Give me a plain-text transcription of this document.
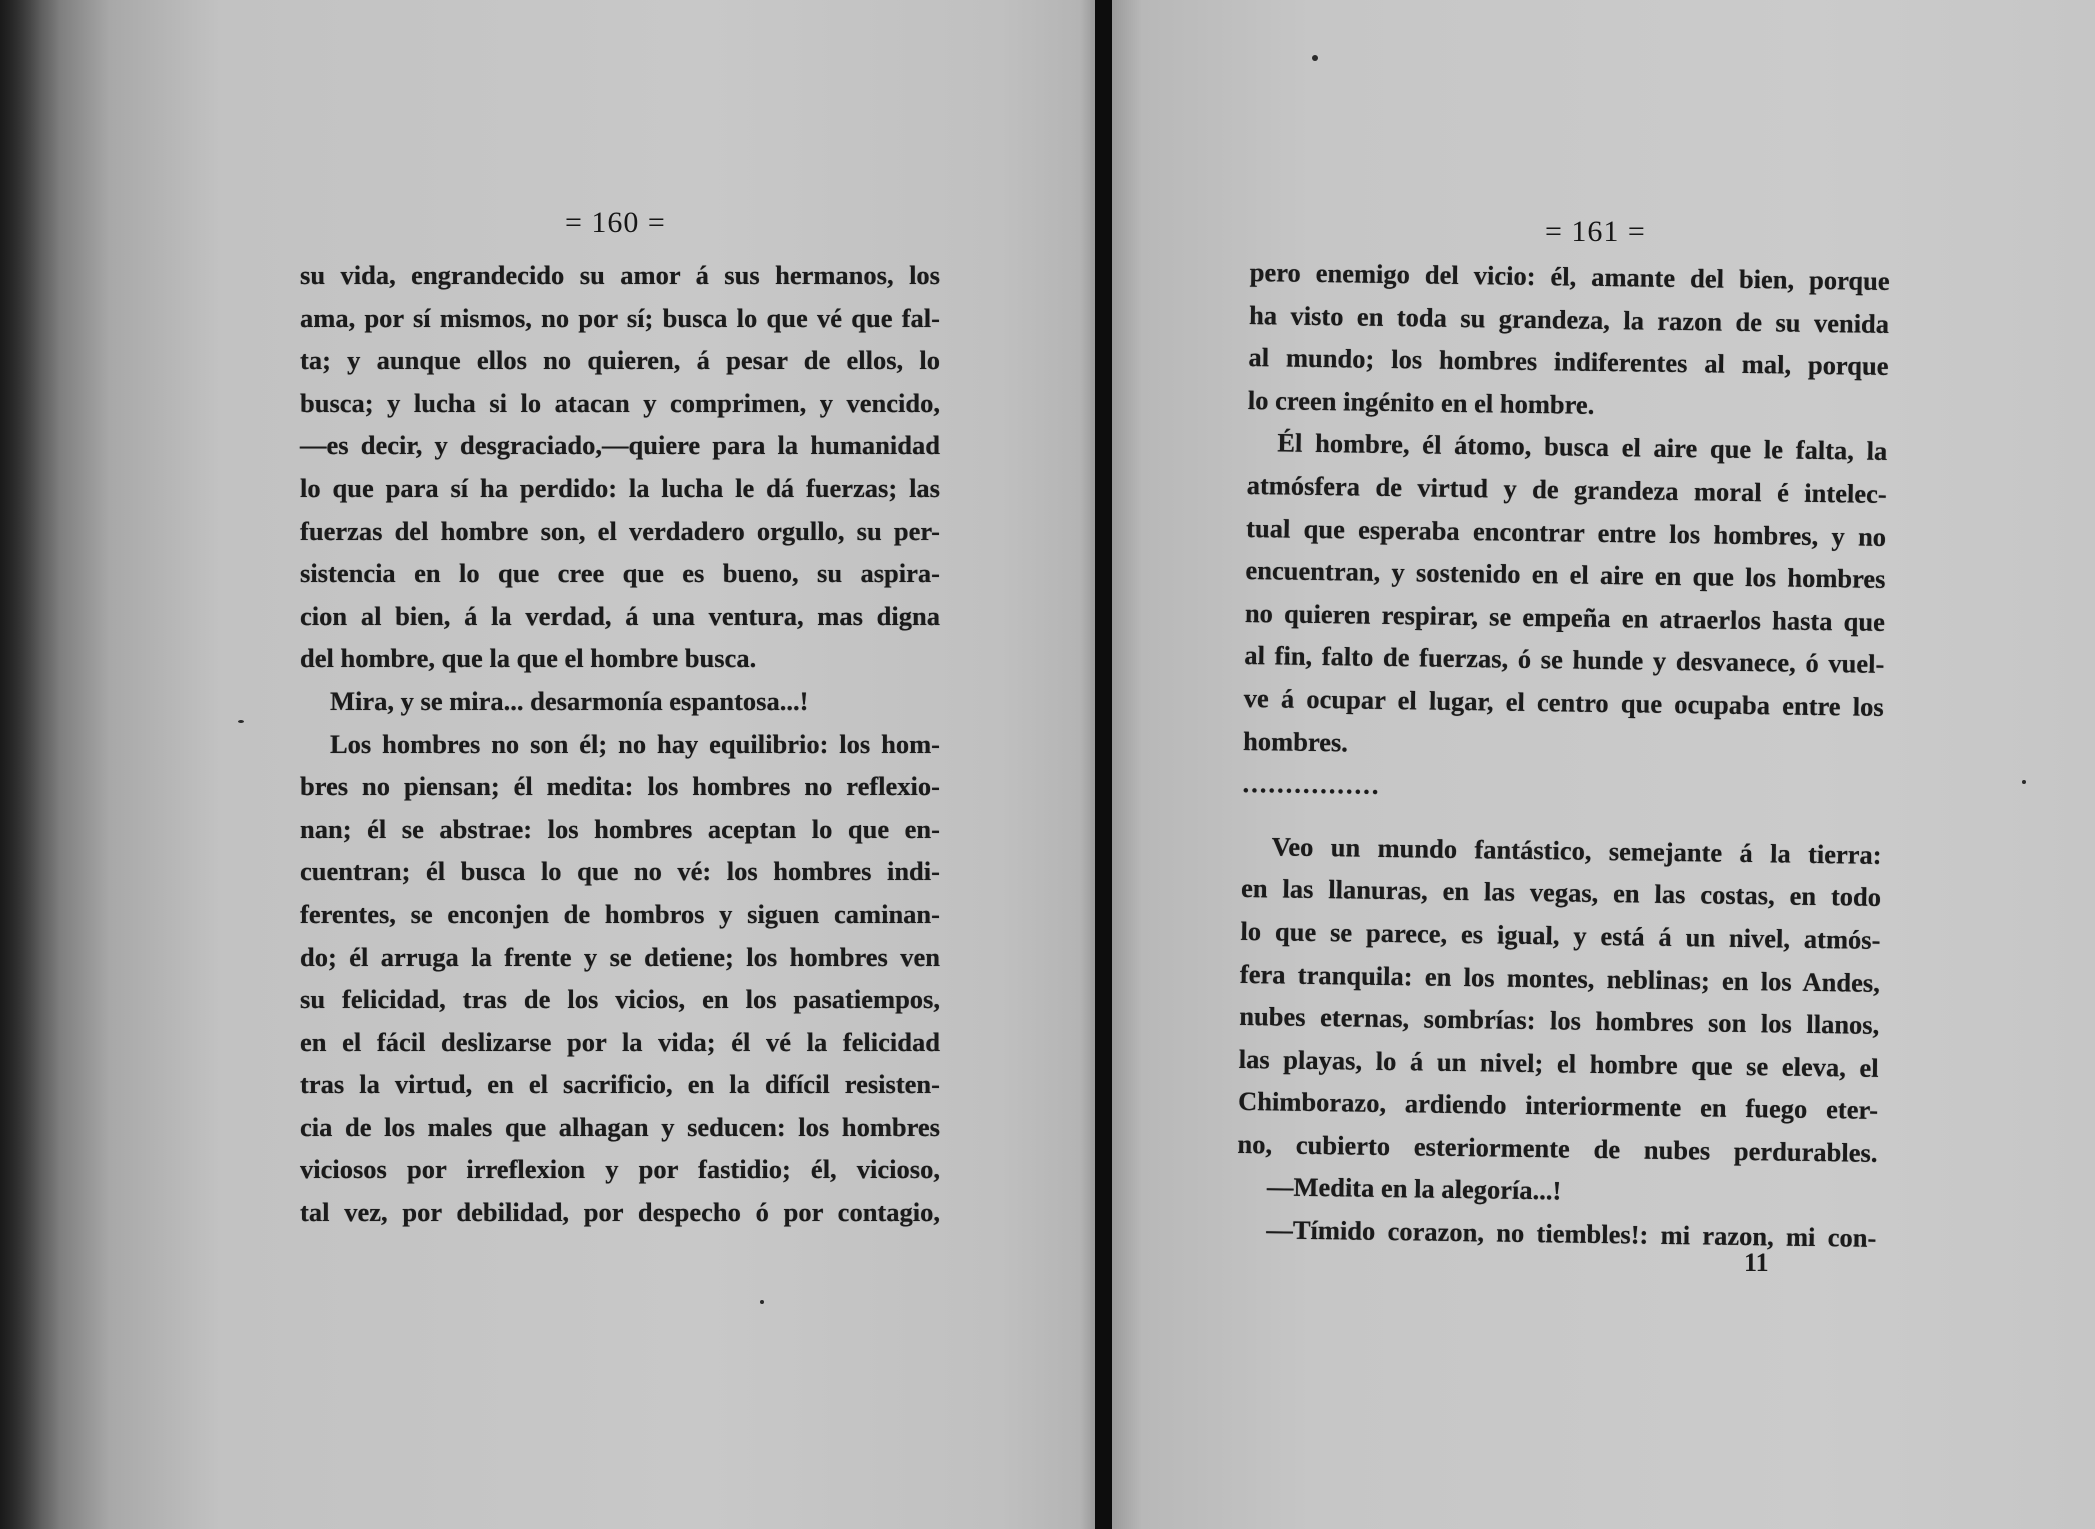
= 160 =
su vida, engrandecido su amor á sus hermanos, los
ama, por sí mismos, no por sí; busca lo que vé que fal-
ta; y aunque ellos no quieren, á pesar de ellos, lo
busca; y lucha si lo atacan y comprimen, y vencido,
—es decir, y desgraciado,—quiere para la humanidad
lo que para sí ha perdido: la lucha le dá fuerzas; las
fuerzas del hombre son, el verdadero orgullo, su per-
sistencia en lo que cree que es bueno, su aspira-
cion al bien, á la verdad, á una ventura, mas digna
del hombre, que la que el hombre busca.
Mira, y se mira... desarmonía espantosa...!
Los hombres no son él; no hay equilibrio: los hom-
bres no piensan; él medita: los hombres no reflexio-
nan; él se abstrae: los hombres aceptan lo que en-
cuentran; él busca lo que no vé: los hombres indi-
ferentes, se enconjen de hombros y siguen caminan-
do; él arruga la frente y se detiene; los hombres ven
su felicidad, tras de los vicios, en los pasatiempos,
en el fácil deslizarse por la vida; él vé la felicidad
tras la virtud, en el sacrificio, en la difícil resisten-
cia de los males que alhagan y seducen: los hombres
viciosos por irreflexion y por fastidio; él, vicioso,
tal vez, por debilidad, por despecho ó por contagio,
= 161 =
pero enemigo del vicio: él, amante del bien, porque
ha visto en toda su grandeza, la razon de su venida
al mundo; los hombres indiferentes al mal, porque
lo creen ingénito en el hombre.
Él hombre, él átomo, busca el aire que le falta, la
atmósfera de virtud y de grandeza moral é intelec-
tual que esperaba encontrar entre los hombres, y no
encuentran, y sostenido en el aire en que los hombres
no quieren respirar, se empeña en atraerlos hasta que
al fin, falto de fuerzas, ó se hunde y desvanece, ó vuel-
ve á ocupar el lugar, el centro que ocupaba entre los
hombres.
................
Veo un mundo fantástico, semejante á la tierra:
en las llanuras, en las vegas, en las costas, en todo
lo que se parece, es igual, y está á un nivel, atmós-
fera tranquila: en los montes, neblinas; en los Andes,
nubes eternas, sombrías: los hombres son los llanos,
las playas, lo á un nivel; el hombre que se eleva, el
Chimborazo, ardiendo interiormente en fuego eter-
no, cubierto esteriormente de nubes perdurables.
—Medita en la alegoría...!
—Tímido corazon, no tiembles!: mi razon, mi con-
11
